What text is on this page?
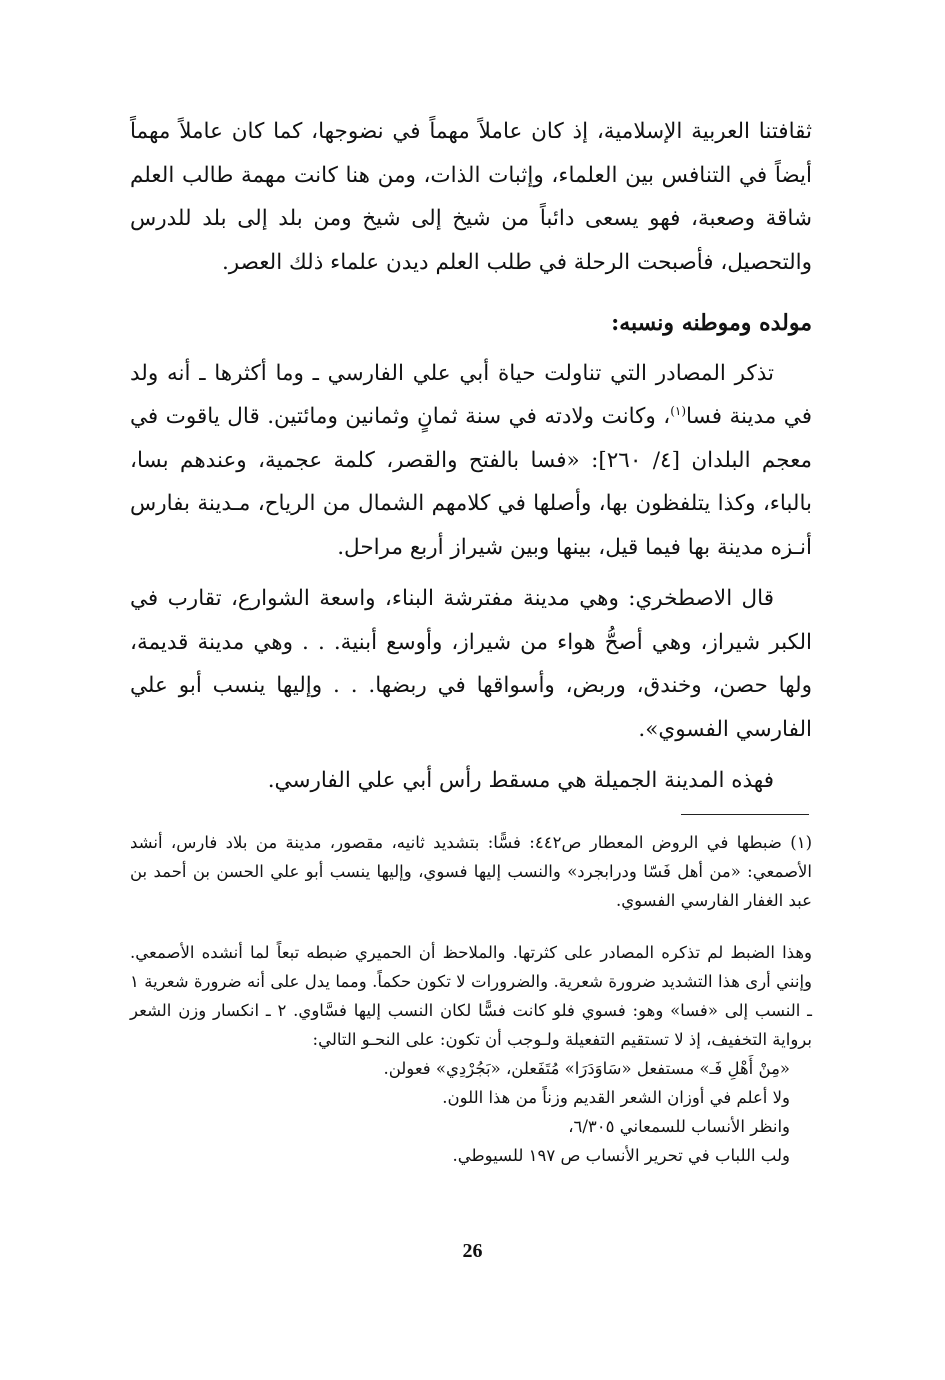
ثقافتنا العربية الإسلامية، إذ كان عاملاً مهماً في نضوجها، كما كان عاملاً مهماً أيضاً في التنافس بين العلماء، وإثبات الذات، ومن هنا كانت مهمة طالب العلم شاقة وصعبة، فهو يسعى دائباً من شيخ إلى شيخ ومن بلد إلى بلد للدرس والتحصيل، فأصبحت الرحلة في طلب العلم ديدن علماء ذلك العصر.

مولده وموطنه ونسبه:

تذكر المصادر التي تناولت حياة أبي علي الفارسي ـ وما أكثرها ـ أنه ولد في مدينة فسا$^{(١)}$، وكانت ولادته في سنة ثمانٍ وثمانين ومائتين. قال ياقوت في معجم البلدان [٤/ ٢٦٠]: «فسا بالفتح والقصر، كلمة عجمية، وعندهم بسا، بالباء، وكذا يتلفظون بها، وأصلها في كلامهم الشمال من الرياح، مـدينة بفارس أنـزه مدينة بها فيما قيل، بينها وبين شيراز أربع مراحل.

قال الاصطخري: وهي مدينة مفترشة البناء، واسعة الشوارع، تقارب في الكبر شيراز، وهي أصحُّ هواء من شيراز، وأوسع أبنية. . . وهي مدينة قديمة، ولها حصن، وخندق، وربض، وأسواقها في ربضها. . . وإليها ينسب أبو علي الفارسي الفسوي».

فهذه المدينة الجميلة هي مسقط رأس أبي علي الفارسي.

(١) ضبطها في الروض المعطار ص٤٤٢: فسًّا: بتشديد ثانيه، مقصور، مدينة من بلاد فارس، أنشد الأصمعي: «من أهل فَسّا ودرابجرد» والنسب إليها فسوي، وإليها ينسب أبو علي الحسن بن أحمد بن عبد الغفار الفارسي الفسوي.

وهذا الضبط لم تذكره المصادر على كثرتها. والملاحظ أن الحميري ضبطه تبعاً لما أنشده الأصمعي. وإنني أرى هذا التشديد ضرورة شعرية. والضرورات لا تكون حكماً. ومما يدل على أنه ضرورة شعرية ١ ـ النسب إلى «فسا» وهو: فسوي فلو كانت فسًّا لكان النسب إليها فسَّاوي. ٢ ـ انكسار وزن الشعر برواية التخفيف، إذ لا تستقيم التفعيلة ولـوجب أن تكون: على النحـو التالي:

«مِنْ أَهْلِ فَـ» مستفعل «سَاوَدَرَا» مُتَفَعلن، «بَجُرْدِي» فعولن.

ولا أعلم في أوزان الشعر القديم وزناً من هذا اللون.

وانظر الأنساب للسمعاني ٦/٣٠٥،

ولب اللباب في تحرير الأنساب ص ١٩٧ للسيوطي.

26
